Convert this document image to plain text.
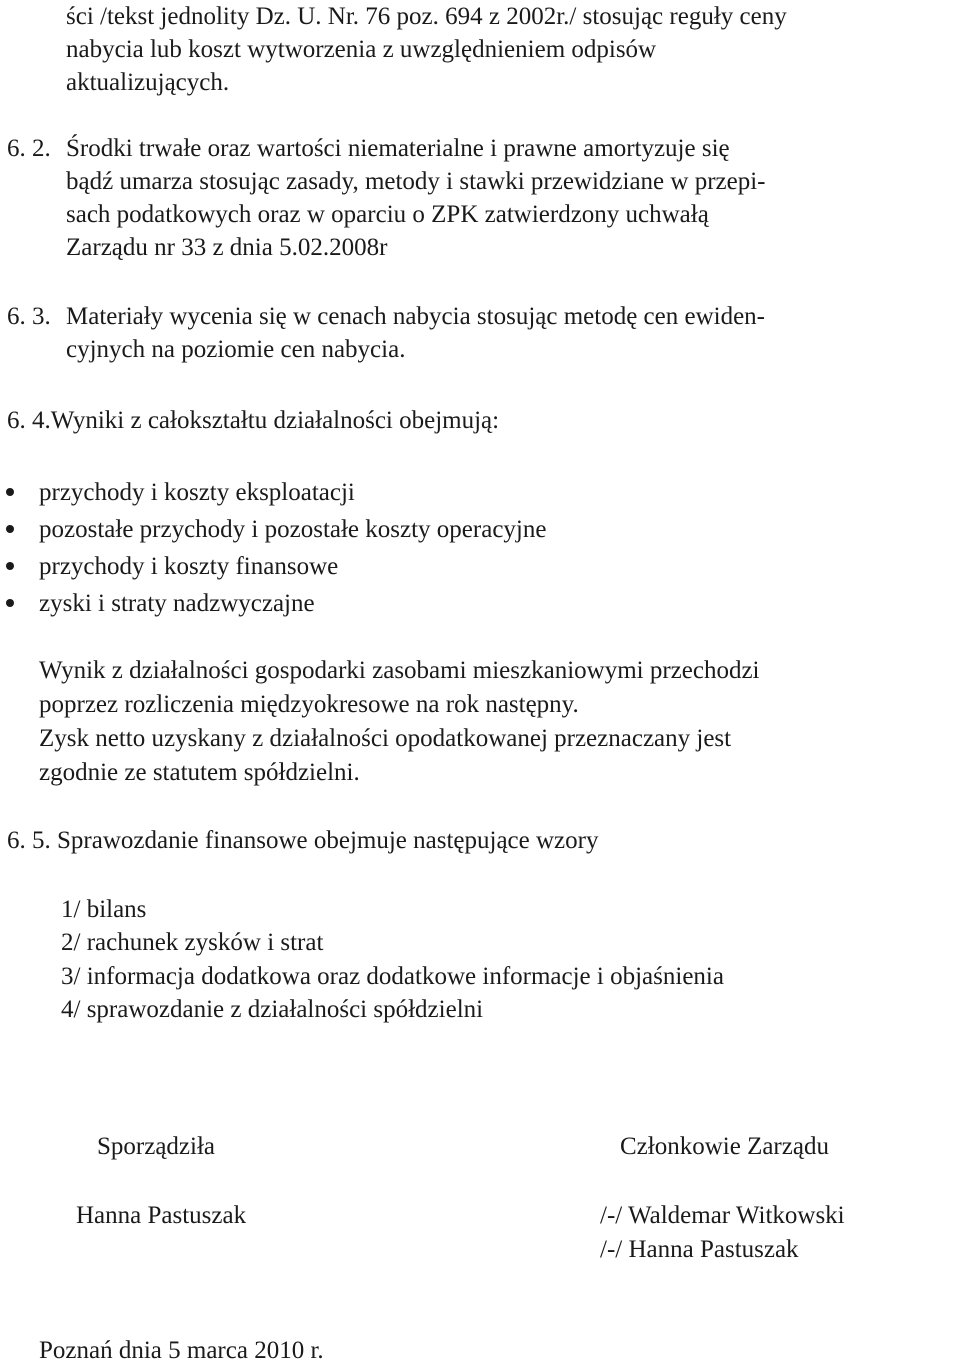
ści /tekst jednolity Dz. U. Nr. 76 poz. 694 z 2002r./ stosując reguły ceny
nabycia lub koszt wytworzenia z uwzględnieniem odpisów
aktualizujących.
6. 2. Środki trwałe oraz wartości niematerialne i prawne amortyzuje się
bądź umarza stosując zasady, metody i stawki przewidziane w przepi-
sach podatkowych oraz w oparciu o ZPK zatwierdzony uchwałą
Zarządu nr 33 z dnia 5.02.2008r
6. 3. Materiały wycenia się w cenach nabycia stosując metodę cen ewiden-
cyjnych na poziomie cen nabycia.
6. 4.Wyniki z całokształtu działalności obejmują:
przychody i koszty eksploatacji
pozostałe przychody i pozostałe koszty operacyjne
przychody i koszty finansowe
zyski i straty nadzwyczajne
Wynik z działalności gospodarki zasobami mieszkaniowymi przechodzi
poprzez rozliczenia międzyokresowe na rok następny.
Zysk netto uzyskany z działalności opodatkowanej przeznaczany jest
zgodnie ze statutem spółdzielni.
6. 5. Sprawozdanie finansowe obejmuje następujące wzory
1/ bilans
2/ rachunek zysków i strat
3/ informacja dodatkowa oraz dodatkowe informacje i objaśnienia
4/ sprawozdanie z działalności spółdzielni
Sporządziła	Członkowie Zarządu
Hanna Pastuszak	/-/ Waldemar Witkowski
/-/ Hanna Pastuszak
Poznań dnia 5 marca 2010 r.
